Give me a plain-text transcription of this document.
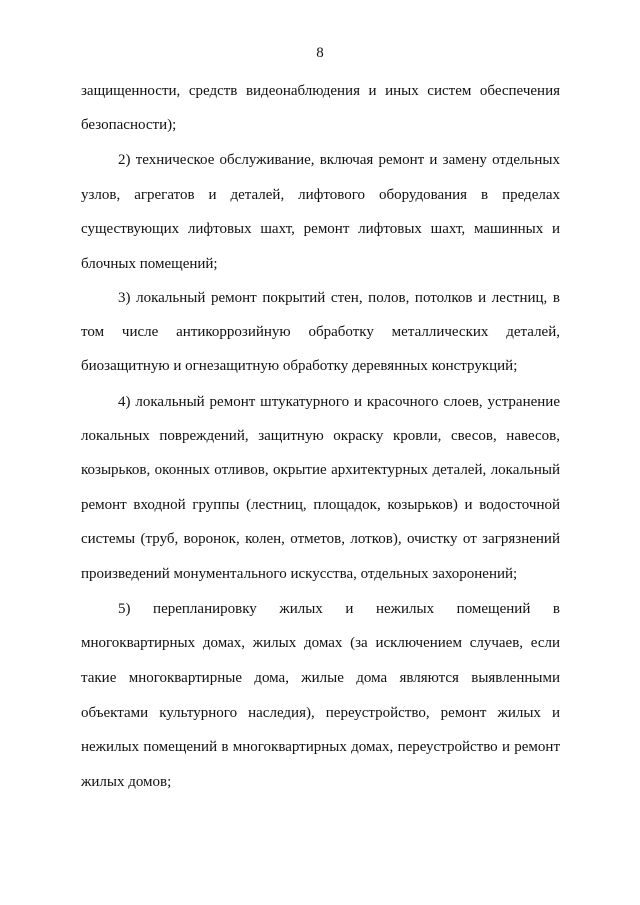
8
защищенности, средств видеонаблюдения и иных систем обеспечения
безопасности);
2) техническое обслуживание, включая ремонт и замену отдельных
узлов, агрегатов и деталей, лифтового оборудования в пределах
существующих лифтовых шахт, ремонт лифтовых шахт, машинных и
блочных помещений;
3) локальный ремонт покрытий стен, полов, потолков и лестниц, в
том числе антикоррозийную обработку металлических деталей,
биозащитную и огнезащитную обработку деревянных конструкций;
4) локальный ремонт штукатурного и красочного слоев, устранение
локальных повреждений, защитную окраску кровли, свесов, навесов,
козырьков, оконных отливов, окрытие архитектурных деталей, локальный
ремонт входной группы (лестниц, площадок, козырьков) и водосточной
системы (труб, воронок, колен, отметов, лотков), очистку от загрязнений
произведений монументального искусства, отдельных захоронений;
5) перепланировку жилых и нежилых помещений в
многоквартирных домах, жилых домах (за исключением случаев, если
такие многоквартирные дома, жилые дома являются выявленными
объектами культурного наследия), переустройство, ремонт жилых и
нежилых помещений в многоквартирных домах, переустройство и ремонт
жилых домов;
